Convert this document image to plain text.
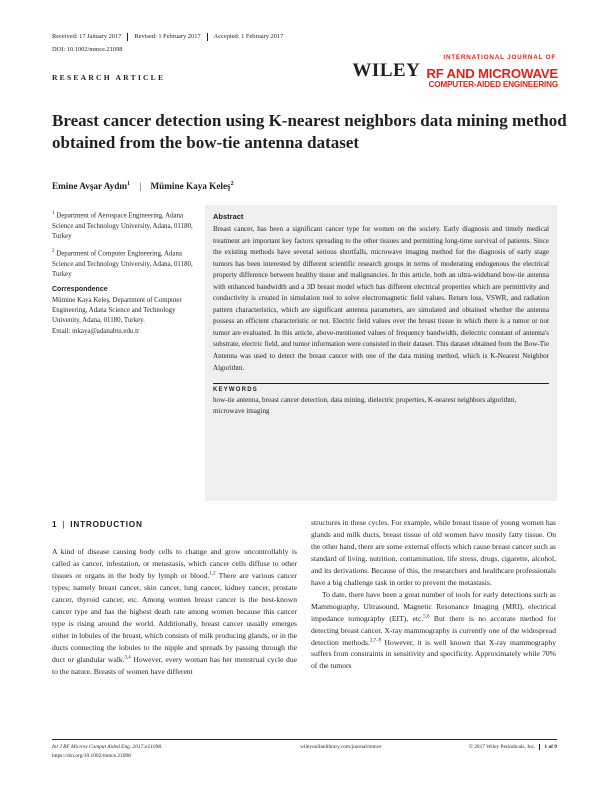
Received: 17 January 2017 Revised: 1 February 2017 Accepted: 1 February 2017
DOI: 10.1002/mmce.21098
RESEARCH ARTICLE
INTERNATIONAL JOURNAL OF
WILEY RF AND MICROWAVE
COMPUTER-AIDED ENGINEERING
Breast cancer detection using K-nearest neighbors data mining method obtained from the bow-tie antenna dataset
Emine Avşar Aydın$^1$ | Mümine Kaya Keleş$^2$

$^1$ Department of Aerospace Engineering, Adana Science and Technology University, Adana, 01180, Turkey

$^2$ Department of Computer Engineering, Adana Science and Technology University, Adana, 01180, Turkey

Correspondence

Mümine Kaya Keleş, Department of Computer Engineering, Adana Science and Technology Univenity, Adana, 01180, Turkey.

Email: mkaya@adanabtu.edu.tr

Abstract
Breast cancer, has been a significant cancer type for women on the society. Early diagnosis and timely medical treatment are important key factors spreading to the other tissues and permitting long-time survival of patients. Since the existing methods have several serious shortfalls, microwave imaging method for the diagnosis of early stage tumors has been interested by different scientific research groups in terms of moderating endogenous the electrical property difference between healthy tissue and malignancies. In this article, both an ultra-wideband bow-tie antenna with enhanced bandwidth and a 3D breast model which has different electrical properties which are permittivity and conductivity is created in simulation tool to solve electromagnetic field values. Return loss, VSWR, and radiation pattern characteristics, which are significant antenna parameters, are simulated and obtained whether the antenna possess an efficient characteristic or not. Electric field values over the breast tissue in which there is a tumor or not tumor are evaluated. In this article, above-mentioned values of frequency bandwidth, dielectric constant of antenna's substrate, electric field, and tumor information were consisted in their dataset. This dataset obtained from the Bow-Tie Antenna was used to detect the breast cancer with one of the data mining method, which is K-Nearest Neighbor Algorithm.
KEYWORDS
how-tie antenna, breast cancer detection, data mining, dielectric properties, K-nearest neighbors algorithm, microwave imaging
1 | INTRODUCTION

A kind of disease causing body cells to change and grow uncontrollably is called as cancer, infestation, or metastasis, which cancer cells diffuse to other tissues or organs in the body by lymph or blood.$^{1,2}$ There are various cancer types; namely breast cancer, skin cancer, lung cancer, kidney cancer, prostate cancer, thyroid cancer, etc. Among women breast cancer is the best-known cancer type and has the highest death rate among women because this cancer type is rising around the world. Additionally, breast cancer usually emerges either in lobules of the breast, which consists of milk producing glands, or in the ducts connecting the lobules to the nipple and spreads by passing through the duct or glandular walk.$^{3,4}$ However, every woman has her menstrual cycle due to the nature. Breasts of women have different

structures in these cycles. For example, while breast tissue of young women has glands and milk ducts, breast tissue of old women have mostly fatty tissue. On the other hand, there are some external effects which cause breast cancer such as standard of living, nutrition, contamination, life stress, drugs, cigarette, alcohol, and its derivations. Because of this, the researchers and healthcare professionals have a big challenge task in order to prevent the metastasis.

To date, there have been a great number of tools for early detections such as Mammography, Ultrasound, Magnetic Resonance Imaging (MRI), electrical impedance tomography (EIT), etc.$^{5,6}$ But there is no accurate method for detecting breast cancer. X-ray mammography is currently one of the widespread detection methods.$^{2,7-9}$ However, it is well known that X-ray mammography suffers from constraints in sensitivity and specificity. Approximately while 70% of the tumors

Int J RF Microw Comput Aided Eng. 2017;e21098.
https://doi.org/10.1002/mmce.21098
wileyonlinelibrary.com/journal/mmce	© 2017 Wiley Periodicals, Inc. 1 of 9
